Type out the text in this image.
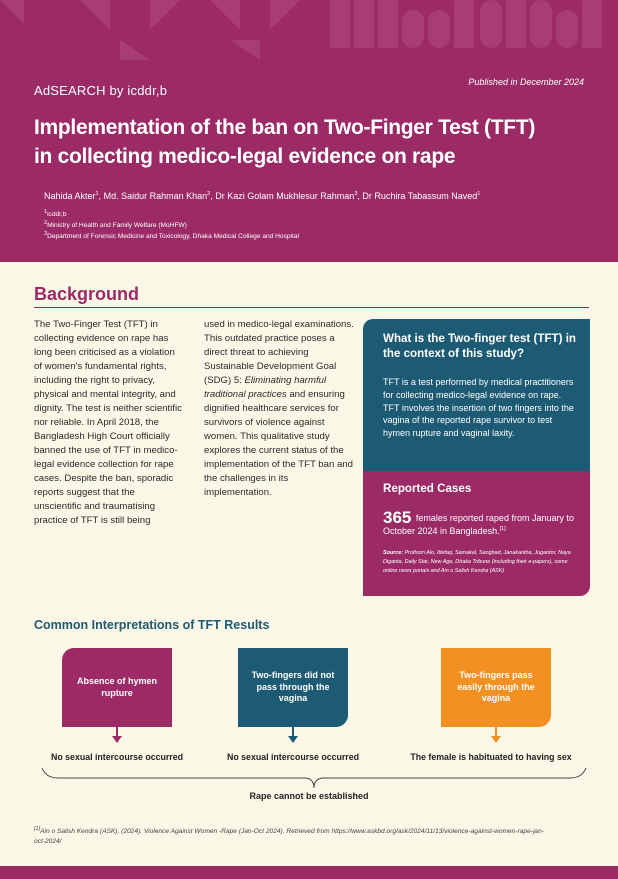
AdSEARCH by icddr,b
Published in December 2024
Implementation of the ban on Two-Finger Test (TFT)
in collecting medico-legal evidence on rape
Nahida Akter$^1$, Md. Saidur Rahman Khan$^2$, Dr Kazi Golam Mukhlesur Rahman$^3$, Dr Ruchira Tabassum Naved$^1$
$^1$icddr,b
$^2$Ministry of Health and Family Welfare (MoHFW)
$^3$Department of Forensic Medicine and Toxicology, Dhaka Medical College and Hospital
Background

The Two-Finger Test (TFT) in collecting evidence on rape has long been criticised as a violation of women's fundamental rights, including the right to privacy, physical and mental integrity, and dignity. The test is neither scientific nor reliable. In April 2018, the Bangladesh High Court officially banned the use of TFT in medico-legal evidence collection for rape cases. Despite the ban, sporadic reports suggest that the unscientific and traumatising practice of TFT is still being

used in medico-legal examinations. This outdated practice poses a direct threat to achieving Sustainable Development Goal (SDG) 5: Eliminating harmful traditional practices and ensuring dignified healthcare services for survivors of violence against women. This qualitative study explores the current status of the implementation of the TFT ban and the challenges in its implementation.

What is the Two-finger test (TFT) in the context of this study?

TFT is a test performed by medical practitioners for collecting medico-legal evidence on rape. TFT involves the insertion of two fingers into the vagina of the reported rape survivor to test hymen rupture and vaginal laxity.

Reported Cases
365 females reported raped from January to October 2024 in Bangladesh.[1]
Source: Prothom Alo, Ittefaq, Samakal, Sangbad, Janakantha, Jugantor, Naya Diganta, Daily Star, New Age, Dhaka Tribune (including their e-papers), some online news portals and Ain o Salish Kendra (ASK)
Common Interpretations of TFT Results
Absence of hymen rupture
Two-fingers did not pass through the vagina
Two-fingers pass easily through the vagina
No sexual intercourse occurred	No sexual intercourse occurred	The female is habituated to having sex
Rape cannot be established
[1]Ain o Salish Kendra (ASK). (2024). Violence Against Women -Rape (Jan-Oct 2024). Retrieved from https://www.askbd.org/ask/2024/11/13/violence-against-women-rape-jan-oct-2024/
